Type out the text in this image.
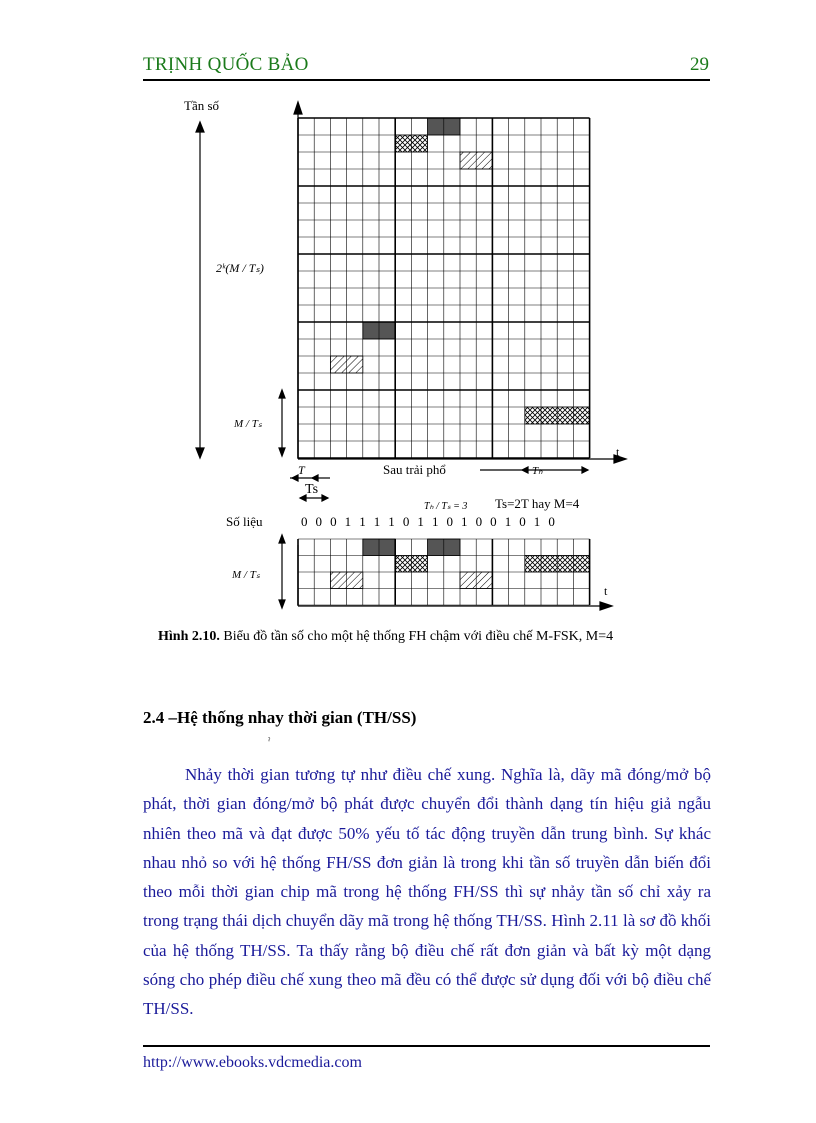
TRỊNH QUỐC BẢO	29
Tần số
2ᵏ(M / Tₛ)
M / Tₛ
t
T
Ts
Sau trải phổ	Tₕ
Tₕ / Tₛ = 3 Ts=2T hay M=4
Số liệu	0 0 0 1 1 1 1 0 1 1 0 1 0 0 1 0 1 0
M / Tₛ
t
Hình 2.10. Biểu đồ tần số cho một hệ thống FH chậm với điều chế M-FSK, M=4
2.4 –Hệ thống nhay thời gian (TH/SS)
ˀ

Nhảy thời gian tương tự như điều chế xung. Nghĩa là, dãy mã đóng/mở bộ phát, thời gian đóng/mở bộ phát được chuyển đổi thành dạng tín hiệu giả ngẫu nhiên theo mã và đạt được 50% yếu tố tác động truyền dẫn trung bình. Sự khác nhau nhỏ so với hệ thống FH/SS đơn giản là trong khi tần số truyền dẫn biến đổi theo mỗi thời gian chip mã trong hệ thống FH/SS thì sự nhảy tần số chỉ xảy ra trong trạng thái dịch chuyển dãy mã trong hệ thống TH/SS. Hình 2.11 là sơ đồ khối của hệ thống TH/SS. Ta thấy rằng bộ điều chế rất đơn giản và bất kỳ một dạng sóng cho phép điều chế xung theo mã đều có thể được sử dụng đối với bộ điều chế TH/SS.

http://www.ebooks.vdcmedia.com
